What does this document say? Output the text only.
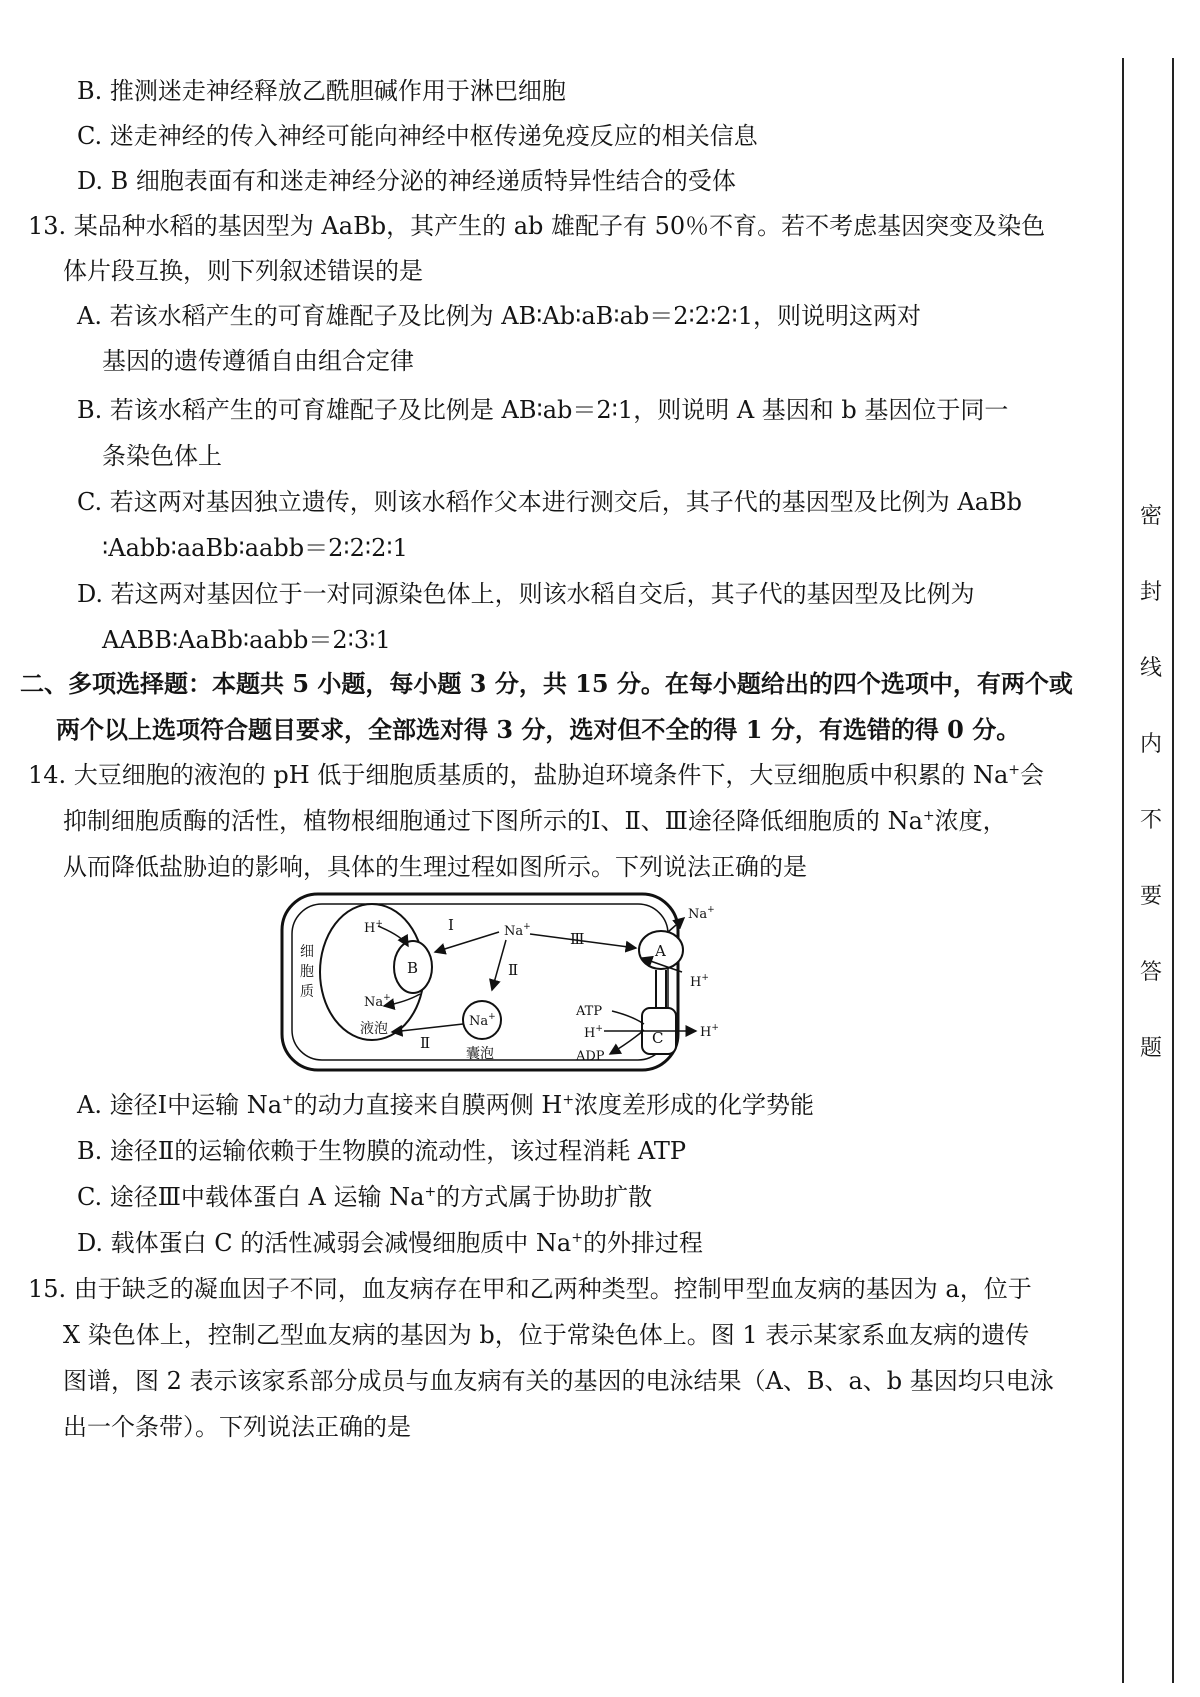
B. 推测迷走神经释放乙酰胆碱作用于淋巴细胞
C. 迷走神经的传入神经可能向神经中枢传递免疫反应的相关信息
D. B 细胞表面有和迷走神经分泌的神经递质特异性结合的受体
13. 某品种水稻的基因型为 AaBb，其产生的 ab 雄配子有 50％不育。若不考虑基因突变及染色
体片段互换，则下列叙述错误的是
A. 若该水稻产生的可育雄配子及比例为 AB∶Ab∶aB∶ab＝2∶2∶2∶1，则说明这两对
基因的遗传遵循自由组合定律
B. 若该水稻产生的可育雄配子及比例是 AB∶ab＝2∶1，则说明 A 基因和 b 基因位于同一
条染色体上
C. 若这两对基因独立遗传，则该水稻作父本进行测交后，其子代的基因型及比例为 AaBb
∶Aabb∶aaBb∶aabb＝2∶2∶2∶1
D. 若这两对基因位于一对同源染色体上，则该水稻自交后，其子代的基因型及比例为
AABB∶AaBb∶aabb＝2∶3∶1
二、多项选择题：本题共 5 小题，每小题 3 分，共 15 分。在每小题给出的四个选项中，有两个或
两个以上选项符合题目要求，全部选对得 3 分，选对但不全的得 1 分，有选错的得 0 分。
14. 大豆细胞的液泡的 pH 低于细胞质基质的，盐胁迫环境条件下，大豆细胞质中积累的 Na+会
抑制细胞质酶的活性，植物根细胞通过下图所示的Ⅰ、Ⅱ、Ⅲ途径降低细胞质的 Na+浓度，
从而降低盐胁迫的影响，具体的生理过程如图所示。下列说法正确的是
B
A
C
Na+
细
胞
质
H+
Na+
液泡
囊泡
Na+
Na+
H+
ATP
H+
ADP
H+
Ⅰ
Ⅱ
Ⅲ
Ⅱ
A. 途径Ⅰ中运输 Na+的动力直接来自膜两侧 H+浓度差形成的化学势能
B. 途径Ⅱ的运输依赖于生物膜的流动性，该过程消耗 ATP
C. 途径Ⅲ中载体蛋白 A 运输 Na+的方式属于协助扩散
D. 载体蛋白 C 的活性减弱会减慢细胞质中 Na+的外排过程
15. 由于缺乏的凝血因子不同，血友病存在甲和乙两种类型。控制甲型血友病的基因为 a，位于
X 染色体上，控制乙型血友病的基因为 b，位于常染色体上。图 1 表示某家系血友病的遗传
图谱，图 2 表示该家系部分成员与血友病有关的基因的电泳结果（A、B、a、b 基因均只电泳
出一个条带）。下列说法正确的是
密
封
线
内
不
要
答
题
